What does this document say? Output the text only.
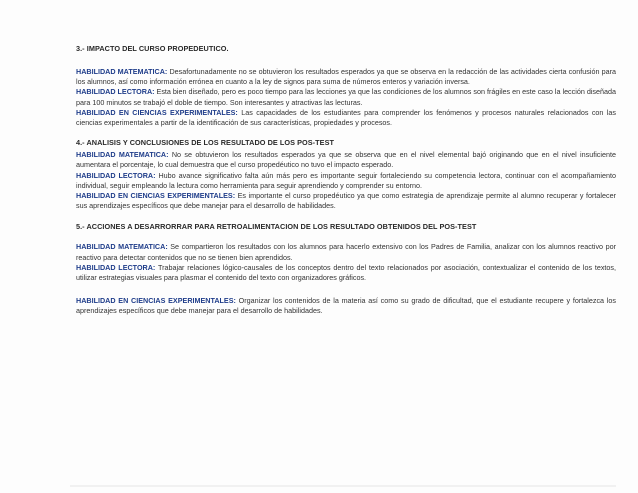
3.- IMPACTO DEL CURSO PROPEDEUTICO.

HABILIDAD MATEMATICA: Desafortunadamente no se obtuvieron los resultados esperados ya que se observa en la redacción de las actividades cierta confusión para los alumnos, así como información errónea en cuanto a la ley de signos para suma de números enteros y variación inversa.

HABILIDAD LECTORA: Esta bien diseñado, pero es poco tiempo para las lecciones ya que las condiciones de los alumnos son frágiles en este caso la lección diseñada para 100 minutos se trabajó el doble de tiempo. Son interesantes y atractivas las lecturas.

HABILIDAD EN CIENCIAS EXPERIMENTALES: Las capacidades de los estudiantes para comprender los fenómenos y procesos naturales relacionados con las ciencias experimentales a partir de la identificación de sus características, propiedades y procesos.

4.- ANALISIS Y CONCLUSIONES DE LOS RESULTADO DE LOS POS-TEST

HABILIDAD MATEMATICA: No se obtuvieron los resultados esperados ya que se observa que en el nivel elemental bajó originando que en el nivel insuficiente aumentara el porcentaje, lo cual demuestra que el curso propedéutico no tuvo el impacto esperado.

HABILIDAD LECTORA: Hubo avance significativo falta aún más pero es importante seguir fortaleciendo su competencia lectora, continuar con el acompañamiento individual, seguir empleando la lectura como herramienta para seguir aprendiendo y comprender su entorno.

HABILIDAD EN CIENCIAS EXPERIMENTALES: Es importante el curso propedéutico ya que como estrategia de aprendizaje permite al alumno recuperar y fortalecer sus aprendizajes específicos que debe manejar para el desarrollo de habilidades.

5.- ACCIONES A DESARRORRAR PARA RETROALIMENTACION DE LOS RESULTADO OBTENIDOS DEL POS-TEST

HABILIDAD MATEMATICA: Se compartieron los resultados con los alumnos para hacerlo extensivo con los Padres de Familia, analizar con los alumnos reactivo por reactivo para detectar contenidos que no se tienen bien aprendidos.

HABILIDAD LECTORA: Trabajar relaciones lógico-causales de los conceptos dentro del texto relacionados por asociación, contextualizar el contenido de los textos, utilizar estrategias visuales para plasmar el contenido del texto con organizadores gráficos.

HABILIDAD EN CIENCIAS EXPERIMENTALES: Organizar los contenidos de la materia así como su grado de dificultad, que el estudiante recupere y fortalezca los aprendizajes específicos que debe manejar para el desarrollo de habilidades.
